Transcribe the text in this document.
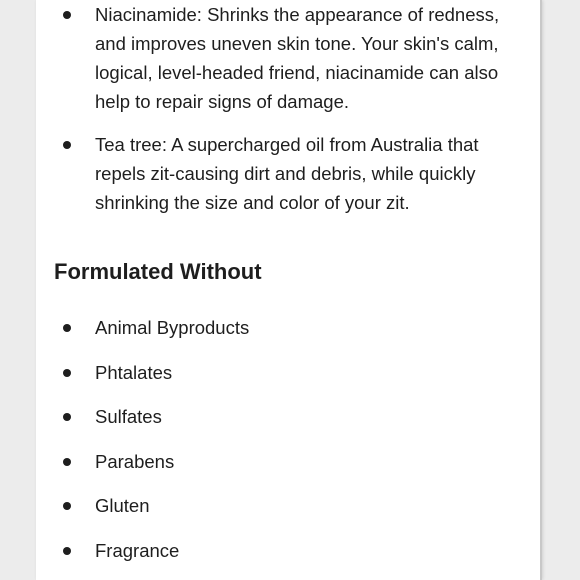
Niacinamide: Shrinks the appearance of redness, and improves uneven skin tone. Your skin's calm, logical, level-headed friend, niacinamide can also help to repair signs of damage.
Tea tree: A supercharged oil from Australia that repels zit-causing dirt and debris, while quickly shrinking the size and color of your zit.
Formulated Without
Animal Byproducts
Phtalates
Sulfates
Parabens
Gluten
Fragrance
